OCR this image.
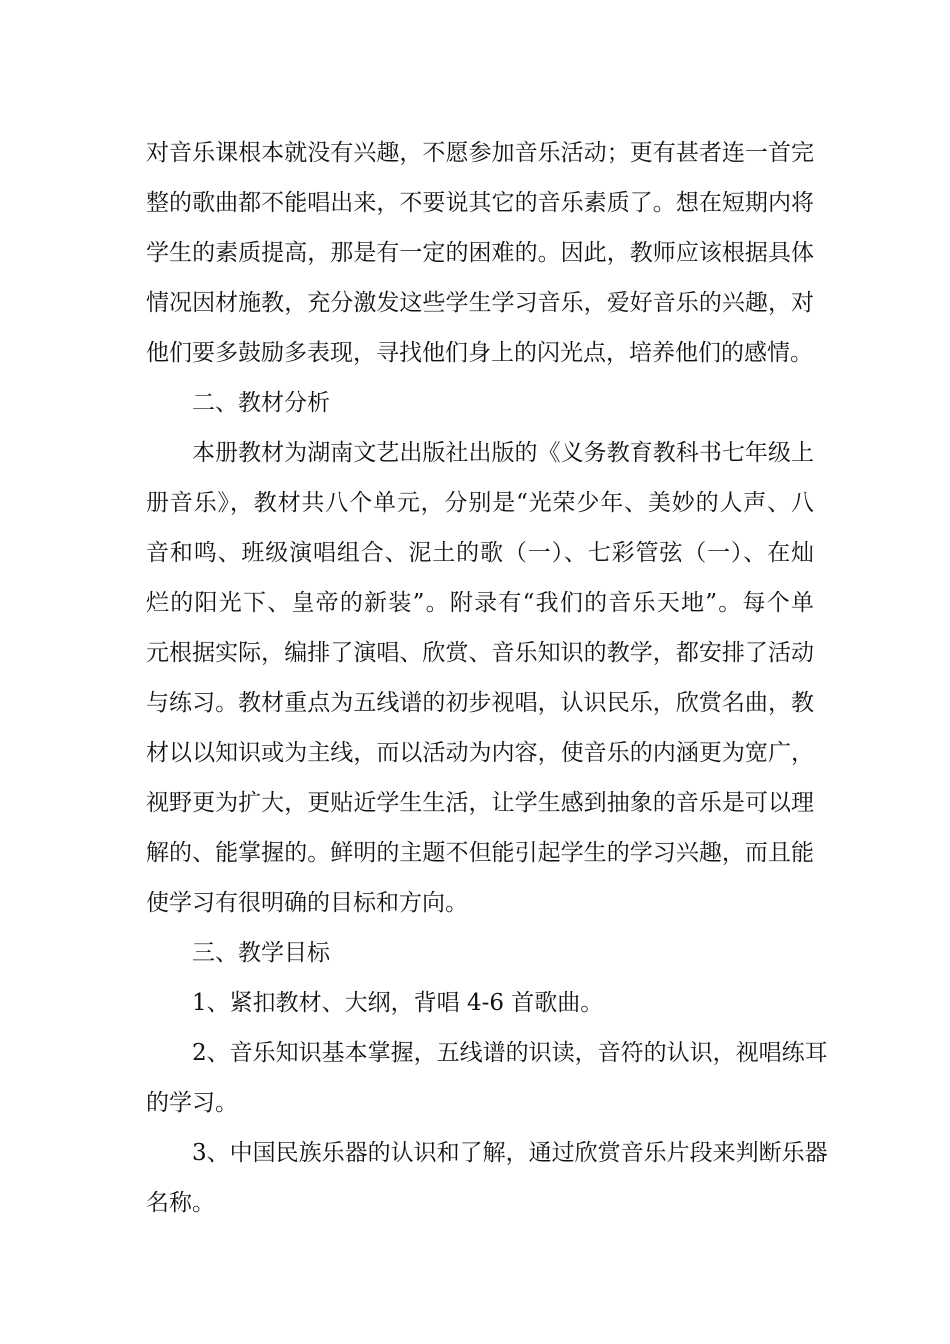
对音乐课根本就没有兴趣，不愿参加音乐活动；更有甚者连一首完
整的歌曲都不能唱出来，不要说其它的音乐素质了。想在短期内将
学生的素质提高，那是有一定的困难的。因此，教师应该根据具体
情况因材施教，充分激发这些学生学习音乐，爱好音乐的兴趣，对
他们要多鼓励多表现，寻找他们身上的闪光点，培养他们的感情。
二、教材分析
本册教材为湖南文艺出版社出版的《义务教育教科书七年级上
册音乐》，教材共八个单元，分别是“光荣少年、美妙的人声、八
音和鸣、班级演唱组合、泥土的歌（一）、七彩管弦（一）、在灿
烂的阳光下、皇帝的新装”。附录有“我们的音乐天地”。每个单
元根据实际，编排了演唱、欣赏、音乐知识的教学，都安排了活动
与练习。教材重点为五线谱的初步视唱，认识民乐，欣赏名曲，教
材以以知识或为主线，而以活动为内容，使音乐的内涵更为宽广，
视野更为扩大，更贴近学生生活，让学生感到抽象的音乐是可以理
解的、能掌握的。鲜明的主题不但能引起学生的学习兴趣，而且能
使学习有很明确的目标和方向。
三、教学目标
1、紧扣教材、大纲，背唱 4-6 首歌曲。
2、音乐知识基本掌握，五线谱的识读，音符的认识，视唱练耳
的学习。
3、中国民族乐器的认识和了解，通过欣赏音乐片段来判断乐器
名称。
